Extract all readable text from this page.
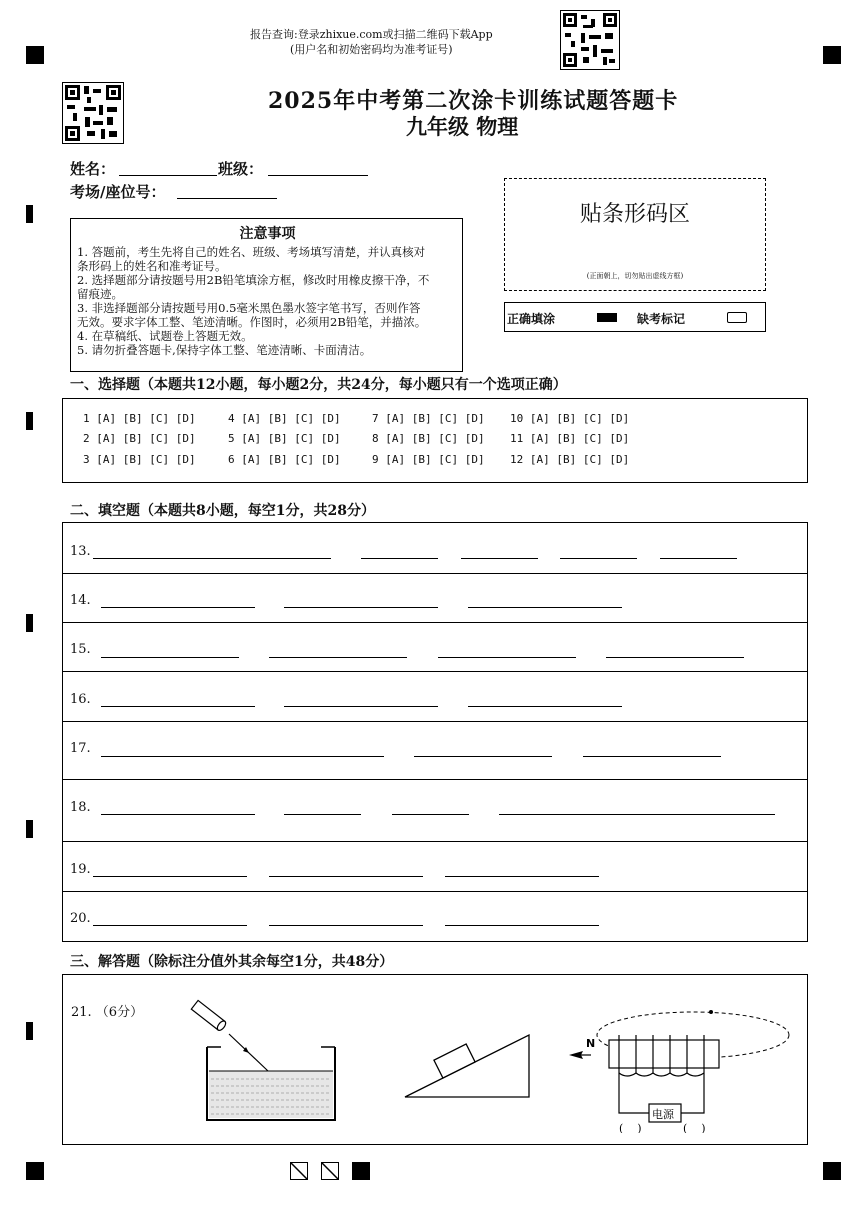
报告查询:登录zhixue.com或扫描二维码下载App
(用户名和初始密码均为准考证号)
2025年中考第二次涂卡训练试题答题卡
九年级 物理
姓名：	班级：
考场/座位号：
注意事项
1. 答题前，考生先将自己的姓名、班级、考场填写清楚，并认真核对
条形码上的姓名和准考证号。
2. 选择题部分请按题号用2B铅笔填涂方框，修改时用橡皮擦干净，不
留痕迹。
3. 非选择题部分请按题号用0.5毫米黑色墨水签字笔书写，否则作答
无效。要求字体工整、笔迹清晰。作图时，必须用2B铅笔，并描浓。
4. 在草稿纸、试题卷上答题无效。
5. 请勿折叠答题卡,保持字体工整、笔迹清晰、卡面清洁。
贴条形码区
(正面朝上，切勿贴出虚线方框)
正确填涂	缺考标记
一、选择题（本题共12小题，每小题2分，共24分，每小题只有一个选项正确）
1 [A] [B] [C] [D]	4 [A] [B] [C] [D]	7 [A] [B] [C] [D] 10 [A] [B] [C] [D]
2 [A] [B] [C] [D]	5 [A] [B] [C] [D]	8 [A] [B] [C] [D] 11 [A] [B] [C] [D]
3 [A] [B] [C] [D]	6 [A] [B] [C] [D]	9 [A] [B] [C] [D] 12 [A] [B] [C] [D]
二、填空题（本题共8小题，每空1分，共28分）
13.
14.
15.
16.
17.
18.
19.
20.
三、解答题（除标注分值外其余每空1分，共48分）
21. （6分）
N
电源
(    )	(    )
